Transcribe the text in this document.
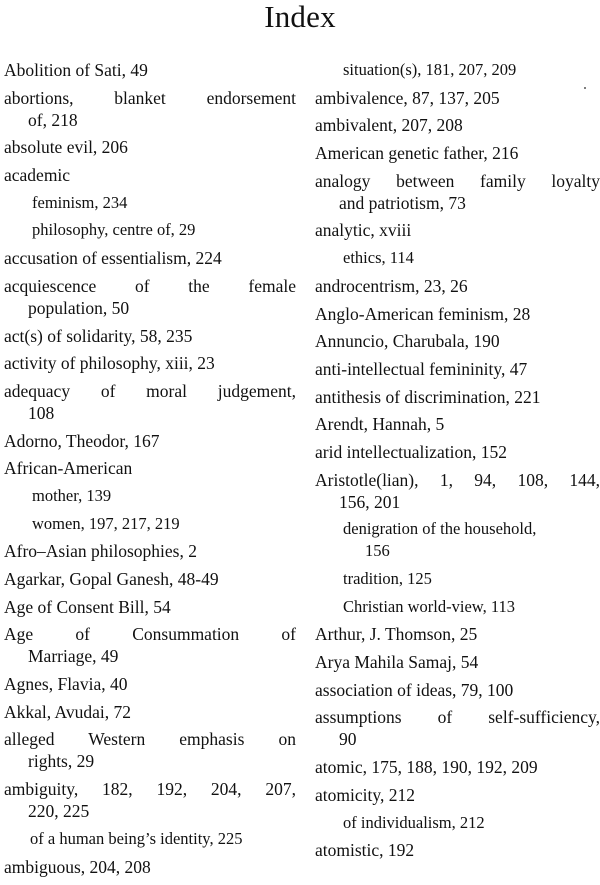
Index
Abolition of Sati, 49
abortions, blanket endorsement
of, 218
absolute evil, 206
academic
feminism, 234
philosophy, centre of, 29
accusation of essentialism, 224
acquiescence of the female
population, 50
act(s) of solidarity, 58, 235
activity of philosophy, xiii, 23
adequacy of moral judgement,
108
Adorno, Theodor, 167
African-American
mother, 139
women, 197, 217, 219
Afro–Asian philosophies, 2
Agarkar, Gopal Ganesh, 48-49
Age of Consent Bill, 54
Age of Consummation of
Marriage, 49
Agnes, Flavia, 40
Akkal, Avudai, 72
alleged Western emphasis on
rights, 29
ambiguity, 182, 192, 204, 207,
220, 225
of a human being’s identity, 225
ambiguous, 204, 208
situation(s), 181, 207, 209
ambivalence, 87, 137, 205
ambivalent, 207, 208
American genetic father, 216
analogy between family loyalty
and patriotism, 73
analytic, xviii
ethics, 114
androcentrism, 23, 26
Anglo-American feminism, 28
Annuncio, Charubala, 190
anti-intellectual femininity, 47
antithesis of discrimination, 221
Arendt, Hannah, 5
arid intellectualization, 152
Aristotle(lian), 1, 94, 108, 144,
156, 201
denigration of the household,
156
tradition, 125
Christian world-view, 113
Arthur, J. Thomson, 25
Arya Mahila Samaj, 54
association of ideas, 79, 100
assumptions of self-sufficiency,
90
atomic, 175, 188, 190, 192, 209
atomicity, 212
of individualism, 212
atomistic, 192
